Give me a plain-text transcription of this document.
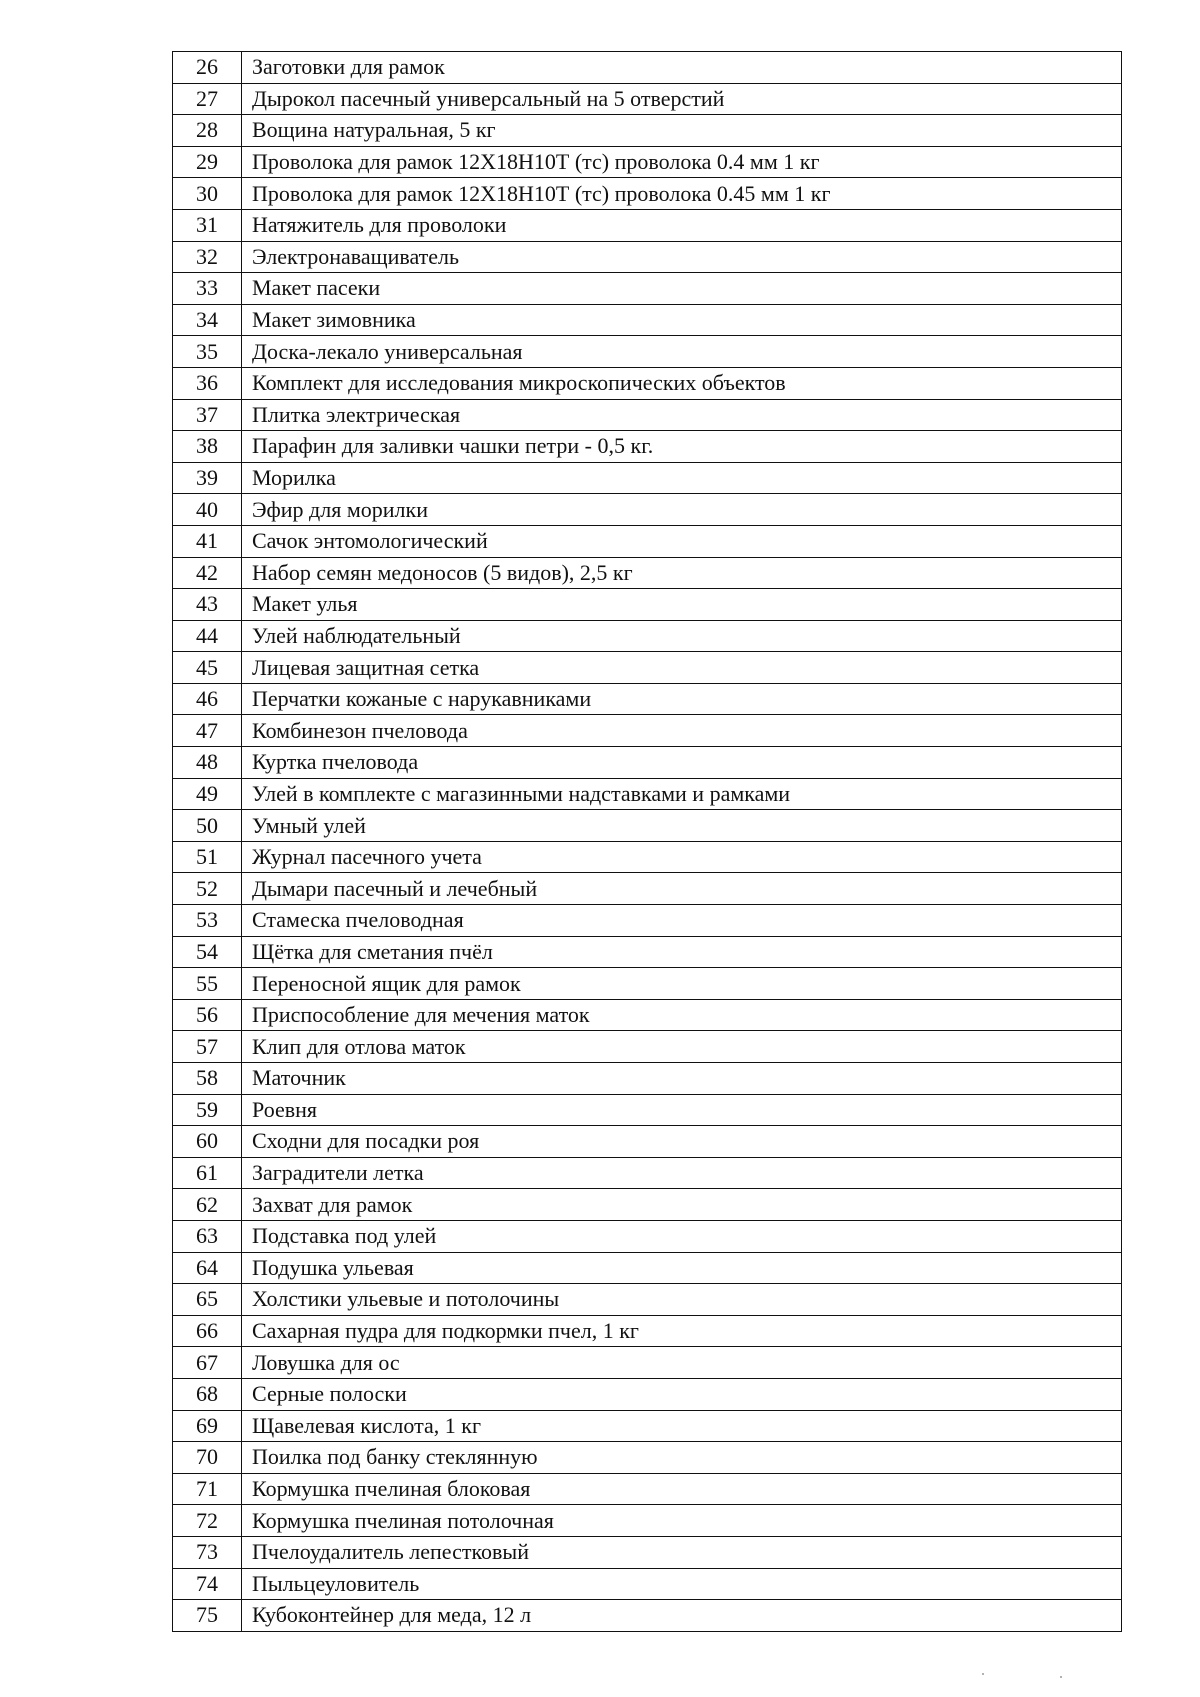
26	Заготовки для рамок
27	Дырокол пасечный универсальный на 5 отверстий
28	Вощина натуральная, 5 кг
29	Проволока для рамок 12Х18Н10Т (тс) проволока 0.4 мм 1 кг
30	Проволока для рамок 12Х18Н10Т (тс) проволока 0.45 мм 1 кг
31	Натяжитель для проволоки
32	Электронаващиватель
33	Макет пасеки
34	Макет зимовника
35	Доска-лекало универсальная
36	Комплект для исследования микроскопических объектов
37	Плитка электрическая
38	Парафин для заливки чашки петри - 0,5 кг.
39	Морилка
40	Эфир для морилки
41	Сачок энтомологический
42	Набор семян медоносов (5 видов), 2,5 кг
43	Макет улья
44	Улей наблюдательный
45	Лицевая защитная сетка
46	Перчатки кожаные с нарукавниками
47	Комбинезон пчеловода
48	Куртка пчеловода
49	Улей в комплекте с магазинными надставками и рамками
50	Умный улей
51	Журнал пасечного учета
52	Дымари пасечный и лечебный
53	Стамеска пчеловодная
54	Щётка для сметания пчёл
55	Переносной ящик для рамок
56	Приспособление для мечения маток
57	Клип для отлова маток
58	Маточник
59	Роевня
60	Сходни для посадки роя
61	Заградители летка
62	Захват для рамок
63	Подставка под улей
64	Подушка ульевая
65	Холстики ульевые и потолочины
66	Сахарная пудра для подкормки пчел, 1 кг
67	Ловушка для ос
68	Серные полоски
69	Щавелевая кислота, 1 кг
70	Поилка под банку стеклянную
71	Кормушка пчелиная блоковая
72	Кормушка пчелиная потолочная
73	Пчелоудалитель лепестковый
74	Пыльцеуловитель
75	Кубоконтейнер для меда, 12 л
